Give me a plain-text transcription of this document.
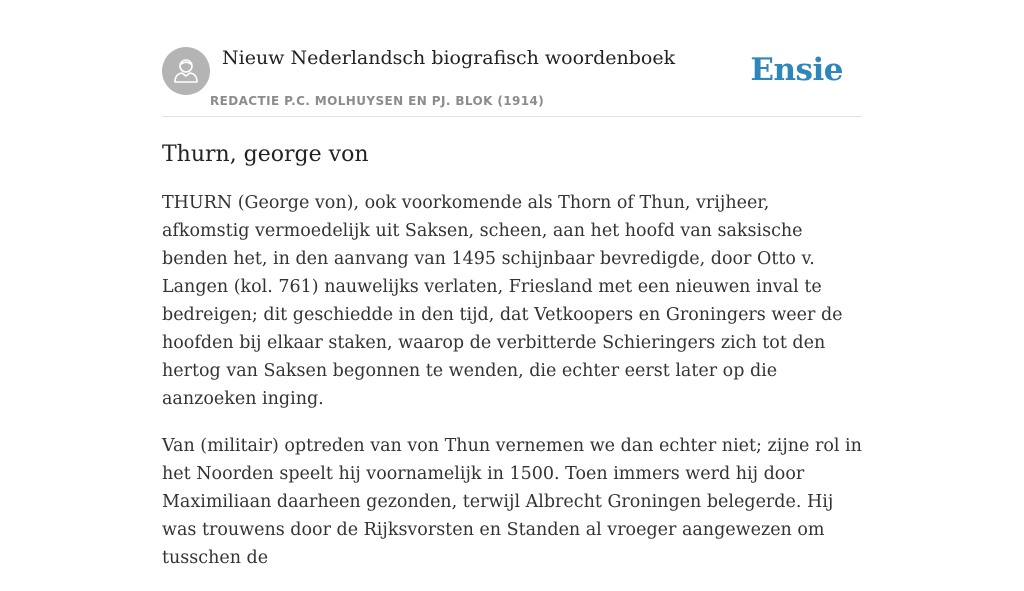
Nieuw Nederlandsch biografisch woordenboek
REDACTIE P.C. MOLHUYSEN EN PJ. BLOK (1914)
Ensie
Thurn, george von

THURN (George von), ook voorkomende als Thorn of Thun, vrijheer, afkomstig vermoedelijk uit Saksen, scheen, aan het hoofd van saksische benden het, in den aanvang van 1495 schijnbaar bevredigde, door Otto v. Langen (kol. 761) nauwelijks verlaten, Friesland met een nieuwen inval te bedreigen; dit geschiedde in den tijd, dat Vetkoopers en Groningers weer de hoofden bij elkaar staken, waarop de verbitterde Schieringers zich tot den hertog van Saksen begonnen te wenden, die echter eerst later op die aanzoeken inging.

Van (militair) optreden van von Thun vernemen we dan echter niet; zijne rol in het Noorden speelt hij voornamelijk in 1500. Toen immers werd hij door Maximiliaan daarheen gezonden, terwijl Albrecht Groningen belegerde. Hij was trouwens door de Rijksvorsten en Standen al vroeger aangewezen om tusschen de
